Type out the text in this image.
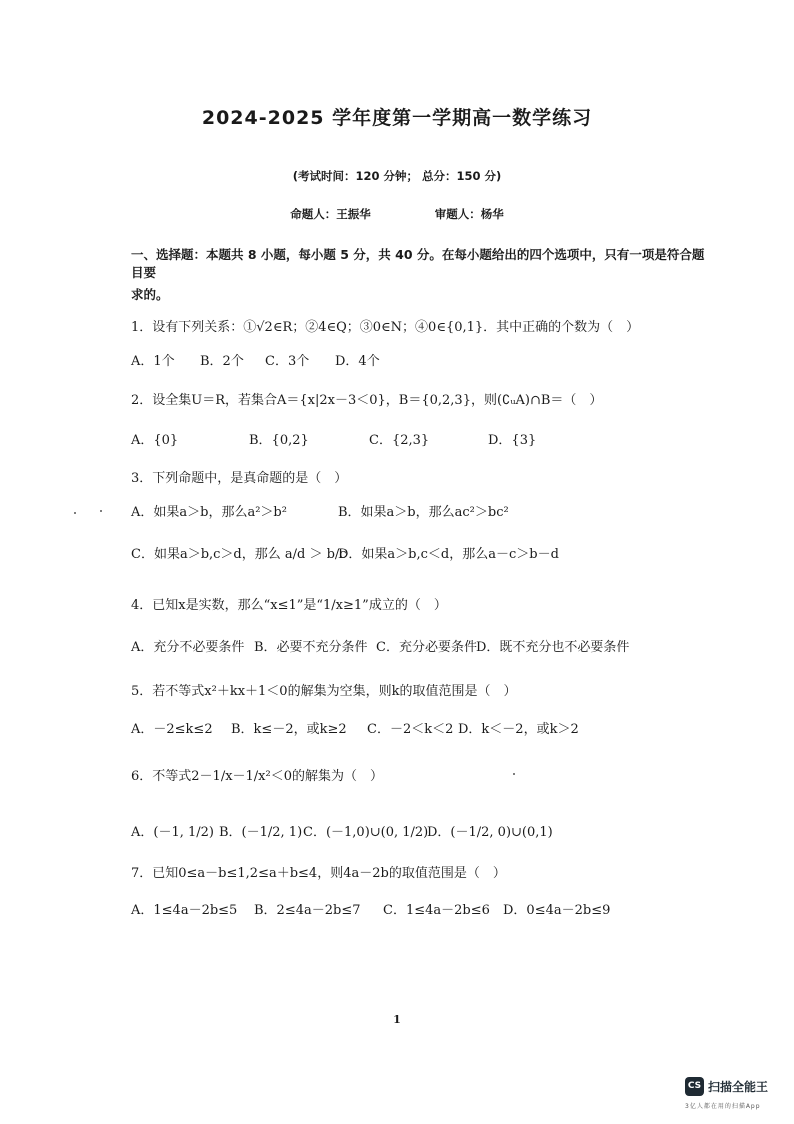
2024-2025 学年度第一学期高一数学练习
(考试时间：120 分钟； 总分：150 分)
命题人：王振华	审题人：杨华
一、选择题：本题共 8 小题，每小题 5 分，共 40 分。在每小题给出的四个选项中，只有一项是符合题目要
求的。
1．设有下列关系：①√2∈R；②4∈Q；③0∈N；④0∈{0,1}．其中正确的个数为（　）
A．1个 B．2个 C．3个 D．4个
2．设全集U＝R，若集合A＝{x|2x－3＜0}，B＝{0,2,3}，则(∁ᵤA)∩B＝（　）
A．{0}	B．{0,2}	C．{2,3}	D．{3}
3．下列命题中，是真命题的是（　）
A．如果a＞b，那么a²＞b²	B．如果a＞b，那么ac²＞bc²
C．如果a＞b,c＞d，那么 a/d ＞ b/c
D．如果a＞b,c＜d，那么a－c＞b－d
4．已知x是实数，那么“x≤1”是“1/x≥1”成立的（　）
A．充分不必要条件 B．必要不充分条件 C．充分必要条件 D．既不充分也不必要条件
5．若不等式x²＋kx＋1＜0的解集为空集，则k的取值范围是（　）
A．－2≤k≤2 B．k≤－2，或k≥2 C．－2＜k＜2 D．k＜－2，或k＞2
6．不等式2－1/x－1/x²＜0的解集为（　）
A．(－1, 1/2) B．(－1/2, 1) C．(－1,0)∪(0, 1/2)
D．(－1/2, 0)∪(0,1)
7．已知0≤a－b≤1,2≤a＋b≤4，则4a－2b的取值范围是（　）
A．1≤4a－2b≤5 B．2≤4a－2b≤7 C．1≤4a－2b≤6 D．0≤4a－2b≤9
1
CS 扫描全能王
3亿人都在用的扫描App
